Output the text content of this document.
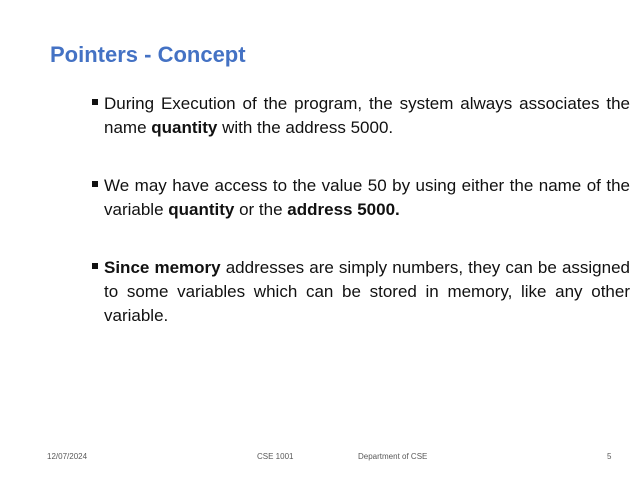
Pointers - Concept
During Execution of the program, the system always associates the name quantity with the address 5000.
We may have access to the value 50 by using either the name of the variable quantity or the address 5000.
Since memory addresses are simply numbers, they can be assigned to some variables which can be stored in memory, like any other variable.
12/07/2024	CSE 1001	Department of CSE	5
